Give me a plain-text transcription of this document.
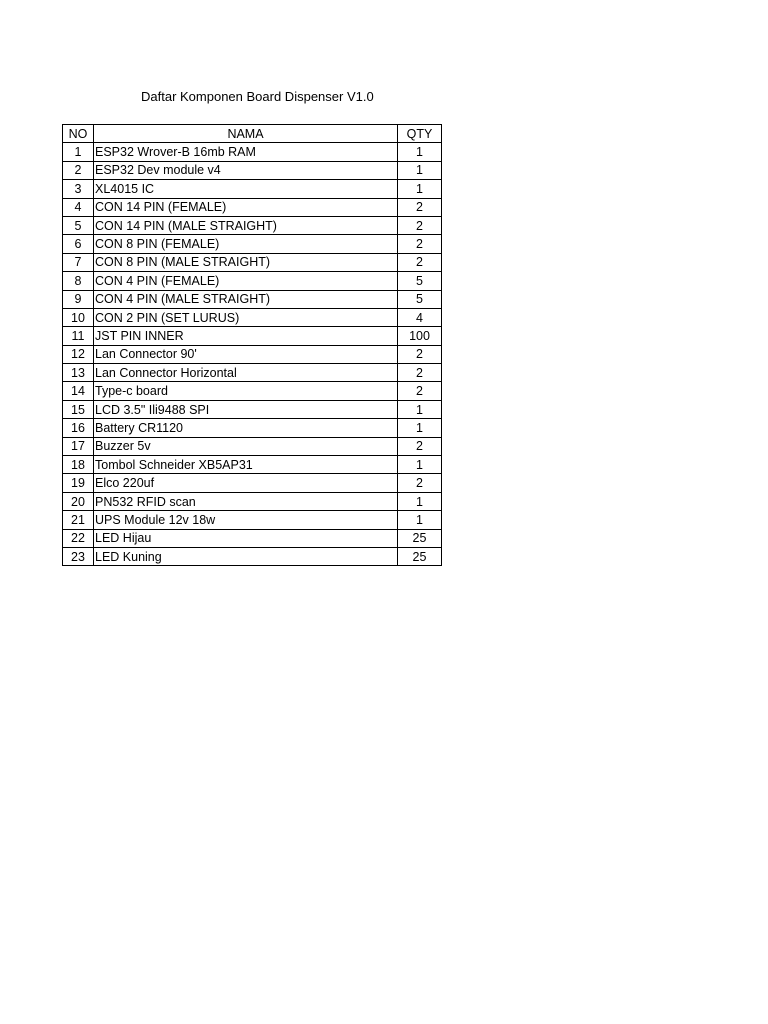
Daftar Komponen Board Dispenser V1.0
NO	NAMA	QTY
1	ESP32 Wrover-B 16mb RAM	1
2	ESP32 Dev module v4	1
3	XL4015 IC	1
4	CON 14 PIN (FEMALE)	2
5	CON 14 PIN (MALE STRAIGHT)	2
6	CON 8 PIN (FEMALE)	2
7	CON 8 PIN (MALE STRAIGHT)	2
8	CON 4 PIN (FEMALE)	5
9	CON 4 PIN (MALE STRAIGHT)	5
10	CON 2 PIN (SET LURUS)	4
11	JST PIN INNER	100
12	Lan Connector 90'	2
13	Lan Connector Horizontal	2
14	Type-c board	2
15	LCD 3.5" Ili9488 SPI	1
16	Battery CR1120	1
17	Buzzer 5v	2
18	Tombol Schneider XB5AP31	1
19	Elco 220uf	2
20	PN532 RFID scan	1
21	UPS Module 12v 18w	1
22	LED Hijau	25
23	LED Kuning	25
